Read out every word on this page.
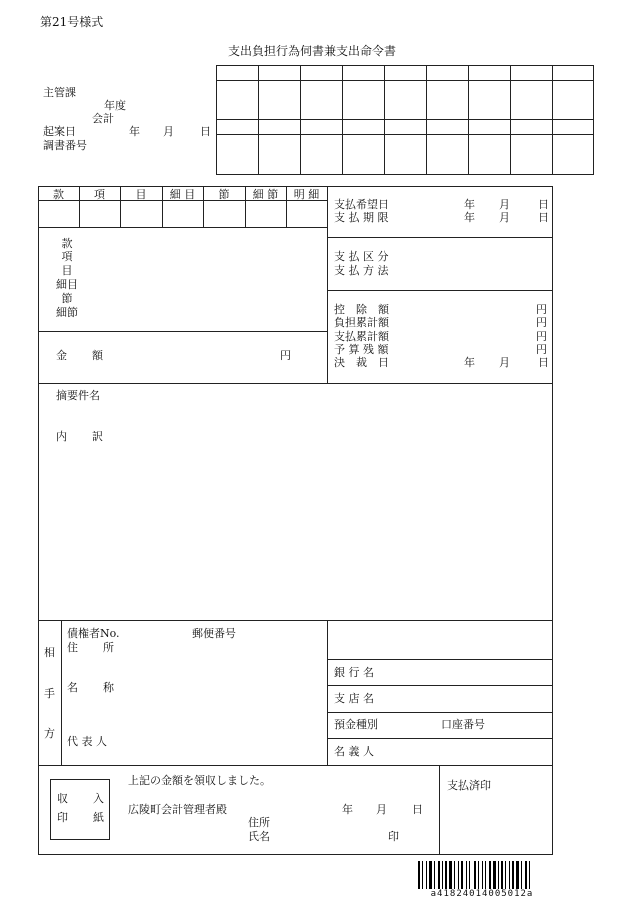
第21号様式
支出負担行為伺書兼支出命令書
主管課
年度
会計
起案日	年 月 日
調書番号
款	項	目	細 目	節	細 節	明 細
款
項
目
細目
節
細節
金 額	円
支払希望日	年 月	日
支 払 期 限	年 月	日
支 払 区 分
支 払 方 法
控　除　額	円
負担累計額	円
支払累計額	円
予 算 残 額	円
決　裁　日	年 月	日
摘要件名
内 訳
相
手
方
債権者No.	郵便番号
住 所
名 称
代 表 人
銀 行 名
支 店 名
預金種別	口座番号
名 義 人
収 入
印 紙
上記の金額を領収しました。
広陵町会計管理者殿	年 月 日
住所
氏名	印
支払済印
a41824014005012a
